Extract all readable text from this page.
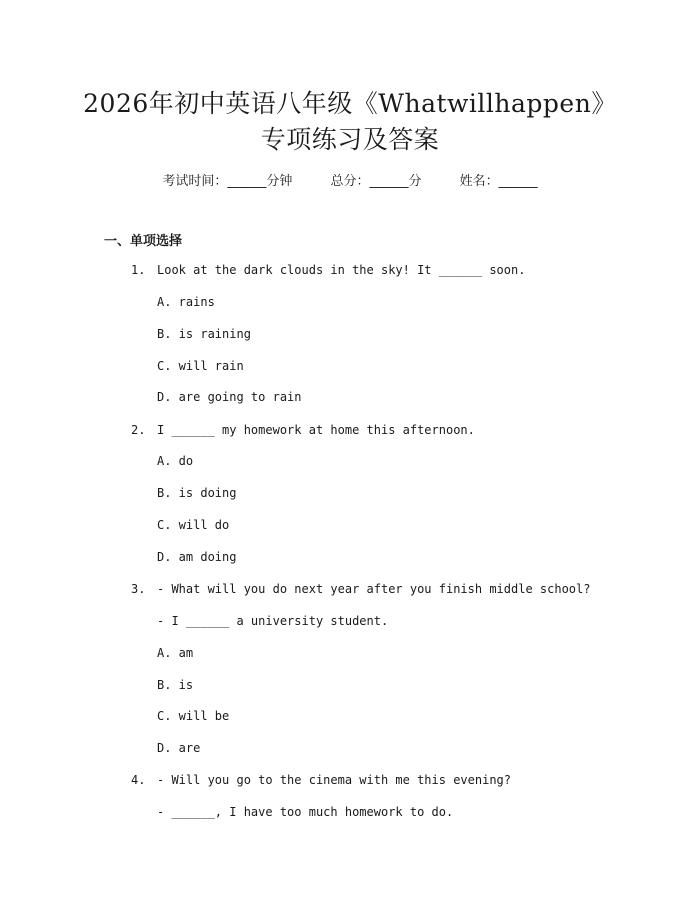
2026年初中英语八年级《Whatwillhappen》
专项练习及答案
考试时间：______分钟	总分：______分	姓名：______
一、单项选择
1. Look at the dark clouds in the sky! It ______ soon.
A. rains
B. is raining
C. will rain
D. are going to rain
2. I ______ my homework at home this afternoon.
A. do
B. is doing
C. will do
D. am doing
3. - What will you do next year after you finish middle school?
- I ______ a university student.
A. am
B. is
C. will be
D. are
4. - Will you go to the cinema with me this evening?
- ______, I have too much homework to do.
